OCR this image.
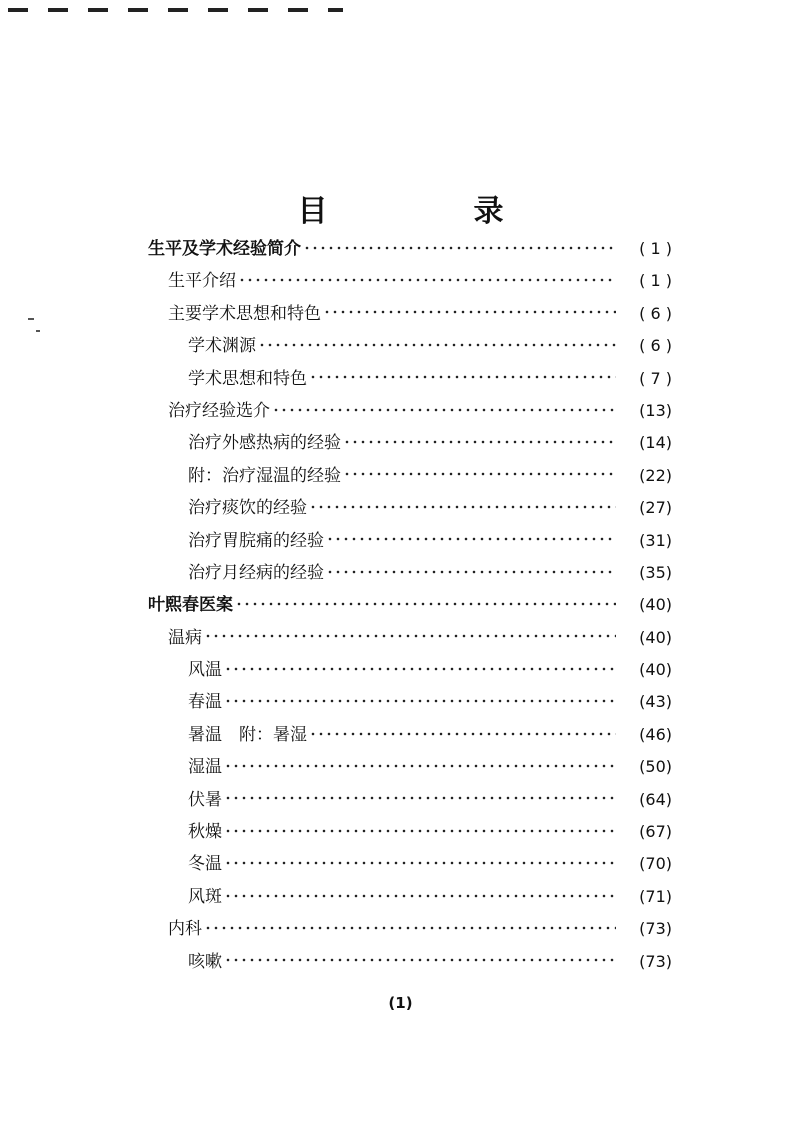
目　录
生平及学术经验简介	( 1 )
生平介绍	( 1 )
主要学术思想和特色	( 6 )
学术渊源	( 6 )
学术思想和特色	( 7 )
治疗经验选介	(13)
治疗外感热病的经验	(14)
附：治疗湿温的经验	(22)
治疗痰饮的经验	(27)
治疗胃脘痛的经验	(31)
治疗月经病的经验	(35)
叶熙春医案	(40)
温病	(40)
风温	(40)
春温	(43)
暑温　附：暑湿	(46)
湿温	(50)
伏暑	(64)
秋燥	(67)
冬温	(70)
风斑	(71)
内科	(73)
咳嗽	(73)
(1)
